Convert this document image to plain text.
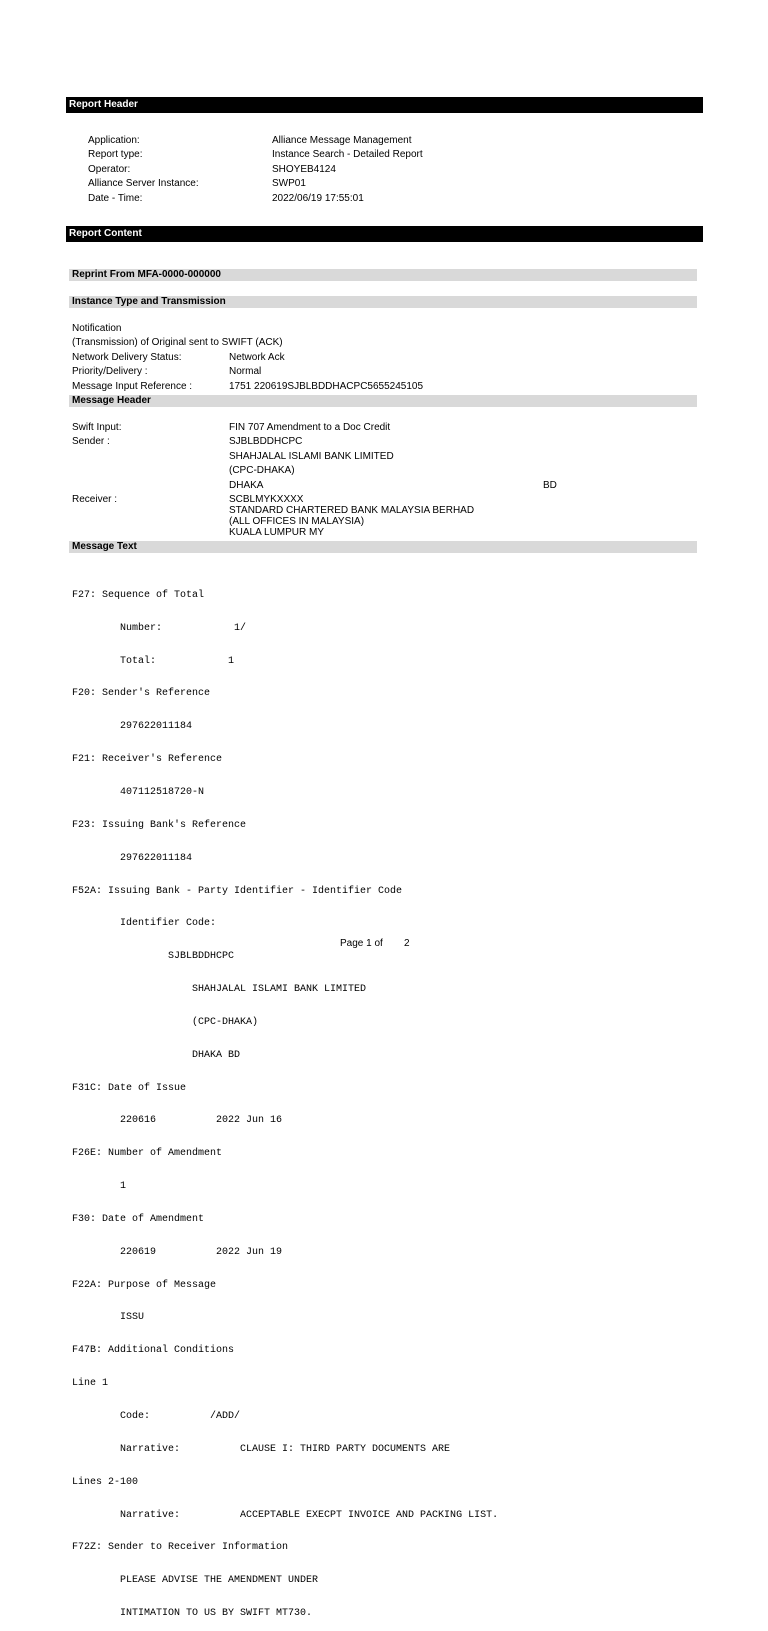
Report Header
Application:	Alliance Message Management
Report type:	Instance Search - Detailed Report
Operator:	SHOYEB4124
Alliance Server Instance:	SWP01
Date - Time:	2022/06/19 17:55:01
Report Content
Reprint From MFA-0000-000000
Instance Type and Transmission
Notification
(Transmission) of Original sent to SWIFT (ACK)
Network Delivery Status:	Network Ack
Priority/Delivery :	Normal
Message Input Reference :	1751 220619SJBLBDDHACPC5655245105
Message Header
Swift Input:	FIN 707 Amendment to a Doc Credit
Sender :	SJBLBDDHCPC
SHAHJALAL ISLAMI BANK LIMITED
(CPC-DHAKA)
DHAKA	BD
Receiver :	SCBLMYKXXXX
STANDARD CHARTERED BANK MALAYSIA BERHAD
(ALL OFFICES IN MALAYSIA)
KUALA LUMPUR MY
Message Text

F27: Sequence of Total

Number:            1/

Total:            1

F20: Sender's Reference

297622011184

F21: Receiver's Reference

407112518720-N

F23: Issuing Bank's Reference

297622011184

F52A: Issuing Bank - Party Identifier - Identifier Code

Identifier Code:

SJBLBDDHCPC

SHAHJALAL ISLAMI BANK LIMITED

(CPC-DHAKA)

DHAKA BD

F31C: Date of Issue

220616          2022 Jun 16

F26E: Number of Amendment

1

F30: Date of Amendment

220619          2022 Jun 19

F22A: Purpose of Message

ISSU

F47B: Additional Conditions

Line 1

Code:          /ADD/

Narrative:          CLAUSE I: THIRD PARTY DOCUMENTS ARE

Lines 2-100

Narrative:          ACCEPTABLE EXECPT INVOICE AND PACKING LIST.

F72Z: Sender to Receiver Information

PLEASE ADVISE THE AMENDMENT UNDER

INTIMATION TO US BY SWIFT MT730.

Page 1 of 2
